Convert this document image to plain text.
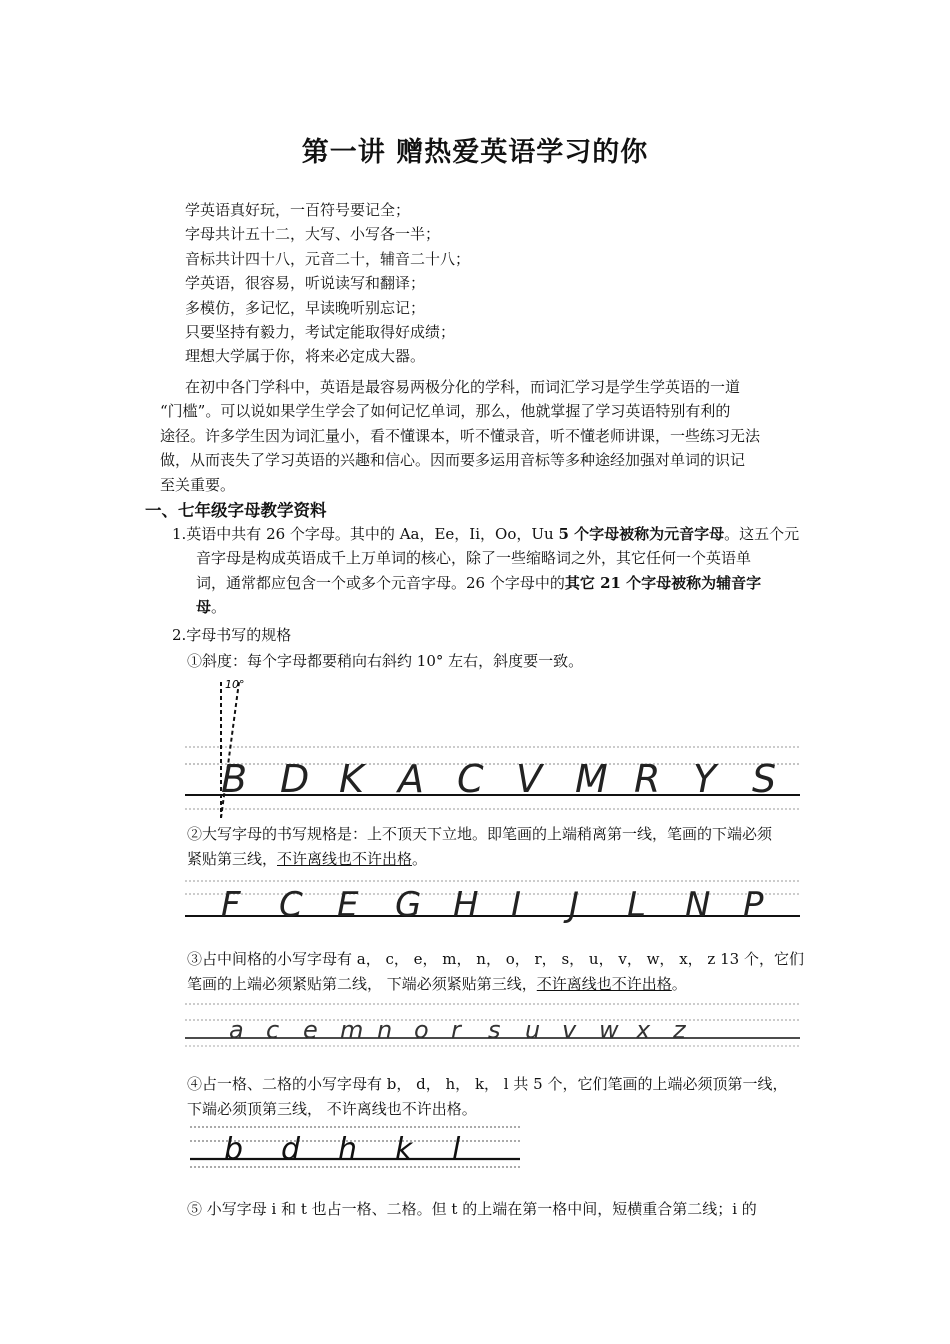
第一讲 赠热爱英语学习的你
学英语真好玩，一百符号要记全；
字母共计五十二，大写、小写各一半；
音标共计四十八，元音二十，辅音二十八；
学英语，很容易，听说读写和翻译；
多模仿，多记忆，早读晚听别忘记；
只要坚持有毅力，考试定能取得好成绩；
理想大学属于你，将来必定成大器。
在初中各门学科中，英语是最容易两极分化的学科，而词汇学习是学生学英语的一道
“门槛”。可以说如果学生学会了如何记忆单词，那么，他就掌握了学习英语特别有利的
途径。许多学生因为词汇量小，看不懂课本，听不懂录音，听不懂老师讲课，一些练习无法
做，从而丧失了学习英语的兴趣和信心。因而要多运用音标等多种途经加强对单词的识记
至关重要。
一、七年级字母教学资料
1.英语中共有 26 个字母。其中的 Aa，Ee，Ii，Oo，Uu 5 个字母被称为元音字母。这五个元
音字母是构成英语成千上万单词的核心，除了一些缩略词之外，其它任何一个英语单
词，通常都应包含一个或多个元音字母。26 个字母中的其它 21 个字母被称为辅音字
母。
2.字母书写的规格
①斜度：每个字母都要稍向右斜约 10° 左右，斜度要一致。
10°
B D K A C V M R Y S
②大写字母的书写规格是：上不顶天下立地。即笔画的上端稍离第一线，笔画的下端必须
紧贴第三线，不许离线也不许出格。
F C E G H I J L N P
③占中间格的小写字母有 a， c， e， m， n， o， r， s， u， v， w， x， z 13 个，它们
笔画的上端必须紧贴第二线， 下端必须紧贴第三线，不许离线也不许出格。
a c e m n o r s u v w x z
④占一格、二格的小写字母有 b， d， h， k， l 共 5 个，它们笔画的上端必须顶第一线，
下端必须顶第三线， 不许离线也不许出格。
b d h k l
⑤ 小写字母 i 和 t 也占一格、二格。但 t 的上端在第一格中间，短横重合第二线；i 的
